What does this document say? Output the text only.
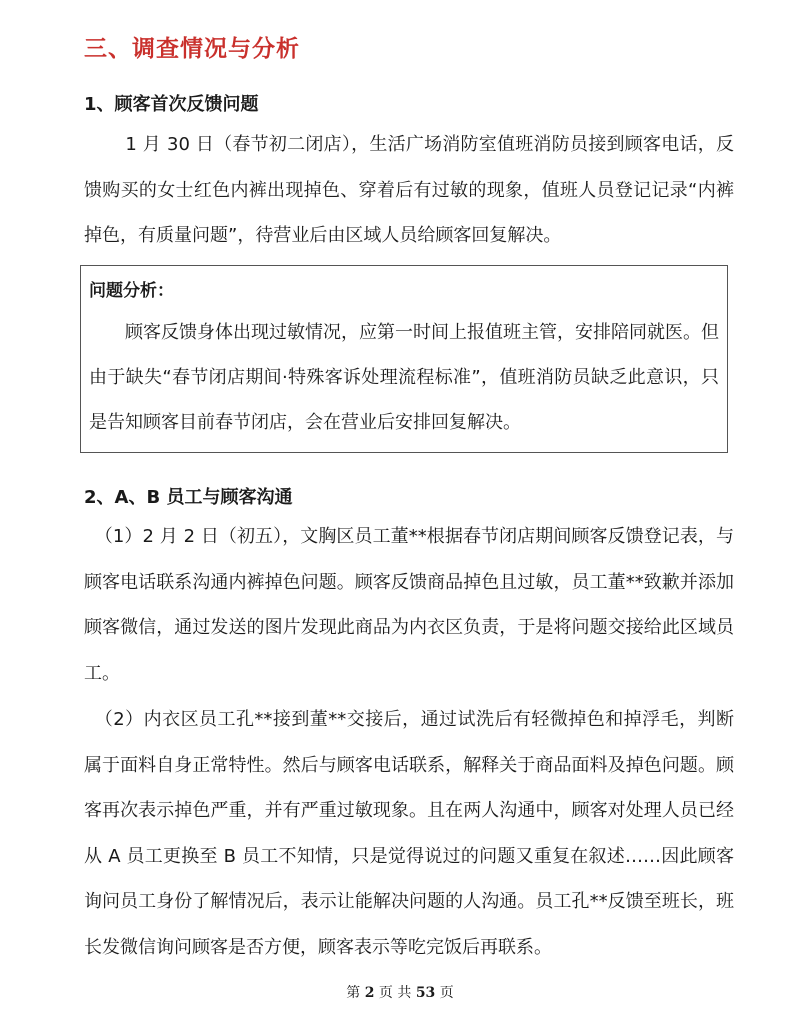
三、调查情况与分析
1、顾客首次反馈问题

1 月 30 日（春节初二闭店），生活广场消防室值班消防员接到顾客电话，反馈购买的女士红色内裤出现掉色、穿着后有过敏的现象，值班人员登记记录“内裤掉色，有质量问题”，待营业后由区域人员给顾客回复解决。

问题分析：

顾客反馈身体出现过敏情况，应第一时间上报值班主管，安排陪同就医。但由于缺失“春节闭店期间·特殊客诉处理流程标准”，值班消防员缺乏此意识，只是告知顾客目前春节闭店，会在营业后安排回复解决。

2、A、B 员工与顾客沟通

（1）2 月 2 日（初五），文胸区员工董**根据春节闭店期间顾客反馈登记表，与顾客电话联系沟通内裤掉色问题。顾客反馈商品掉色且过敏，员工董**致歉并添加顾客微信，通过发送的图片发现此商品为内衣区负责，于是将问题交接给此区域员工。

（2）内衣区员工孔**接到董**交接后，通过试洗后有轻微掉色和掉浮毛，判断属于面料自身正常特性。然后与顾客电话联系，解释关于商品面料及掉色问题。顾客再次表示掉色严重，并有严重过敏现象。且在两人沟通中，顾客对处理人员已经从 A 员工更换至 B 员工不知情，只是觉得说过的问题又重复在叙述……因此顾客询问员工身份了解情况后，表示让能解决问题的人沟通。员工孔**反馈至班长，班长发微信询问顾客是否方便，顾客表示等吃完饭后再联系。

第 2 页 共 53 页
